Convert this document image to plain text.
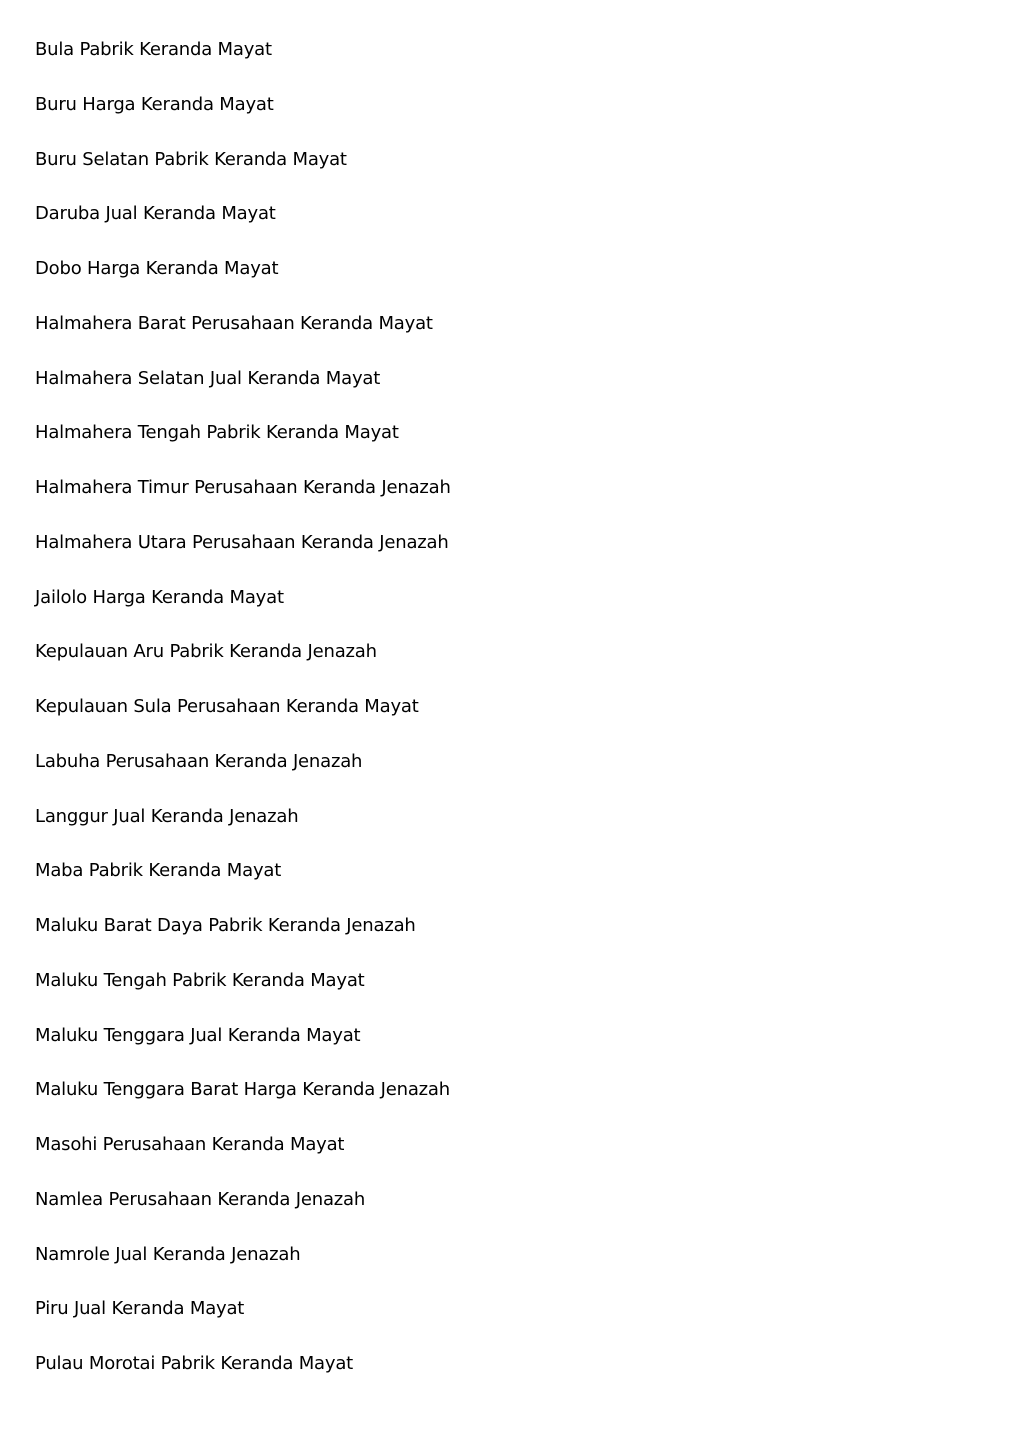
Bula Pabrik Keranda Mayat
Buru Harga Keranda Mayat
Buru Selatan Pabrik Keranda Mayat
Daruba Jual Keranda Mayat
Dobo Harga Keranda Mayat
Halmahera Barat Perusahaan Keranda Mayat
Halmahera Selatan Jual Keranda Mayat
Halmahera Tengah Pabrik Keranda Mayat
Halmahera Timur Perusahaan Keranda Jenazah
Halmahera Utara Perusahaan Keranda Jenazah
Jailolo Harga Keranda Mayat
Kepulauan Aru Pabrik Keranda Jenazah
Kepulauan Sula Perusahaan Keranda Mayat
Labuha Perusahaan Keranda Jenazah
Langgur Jual Keranda Jenazah
Maba Pabrik Keranda Mayat
Maluku Barat Daya Pabrik Keranda Jenazah
Maluku Tengah Pabrik Keranda Mayat
Maluku Tenggara Jual Keranda Mayat
Maluku Tenggara Barat Harga Keranda Jenazah
Masohi Perusahaan Keranda Mayat
Namlea Perusahaan Keranda Jenazah
Namrole Jual Keranda Jenazah
Piru Jual Keranda Mayat
Pulau Morotai Pabrik Keranda Mayat
